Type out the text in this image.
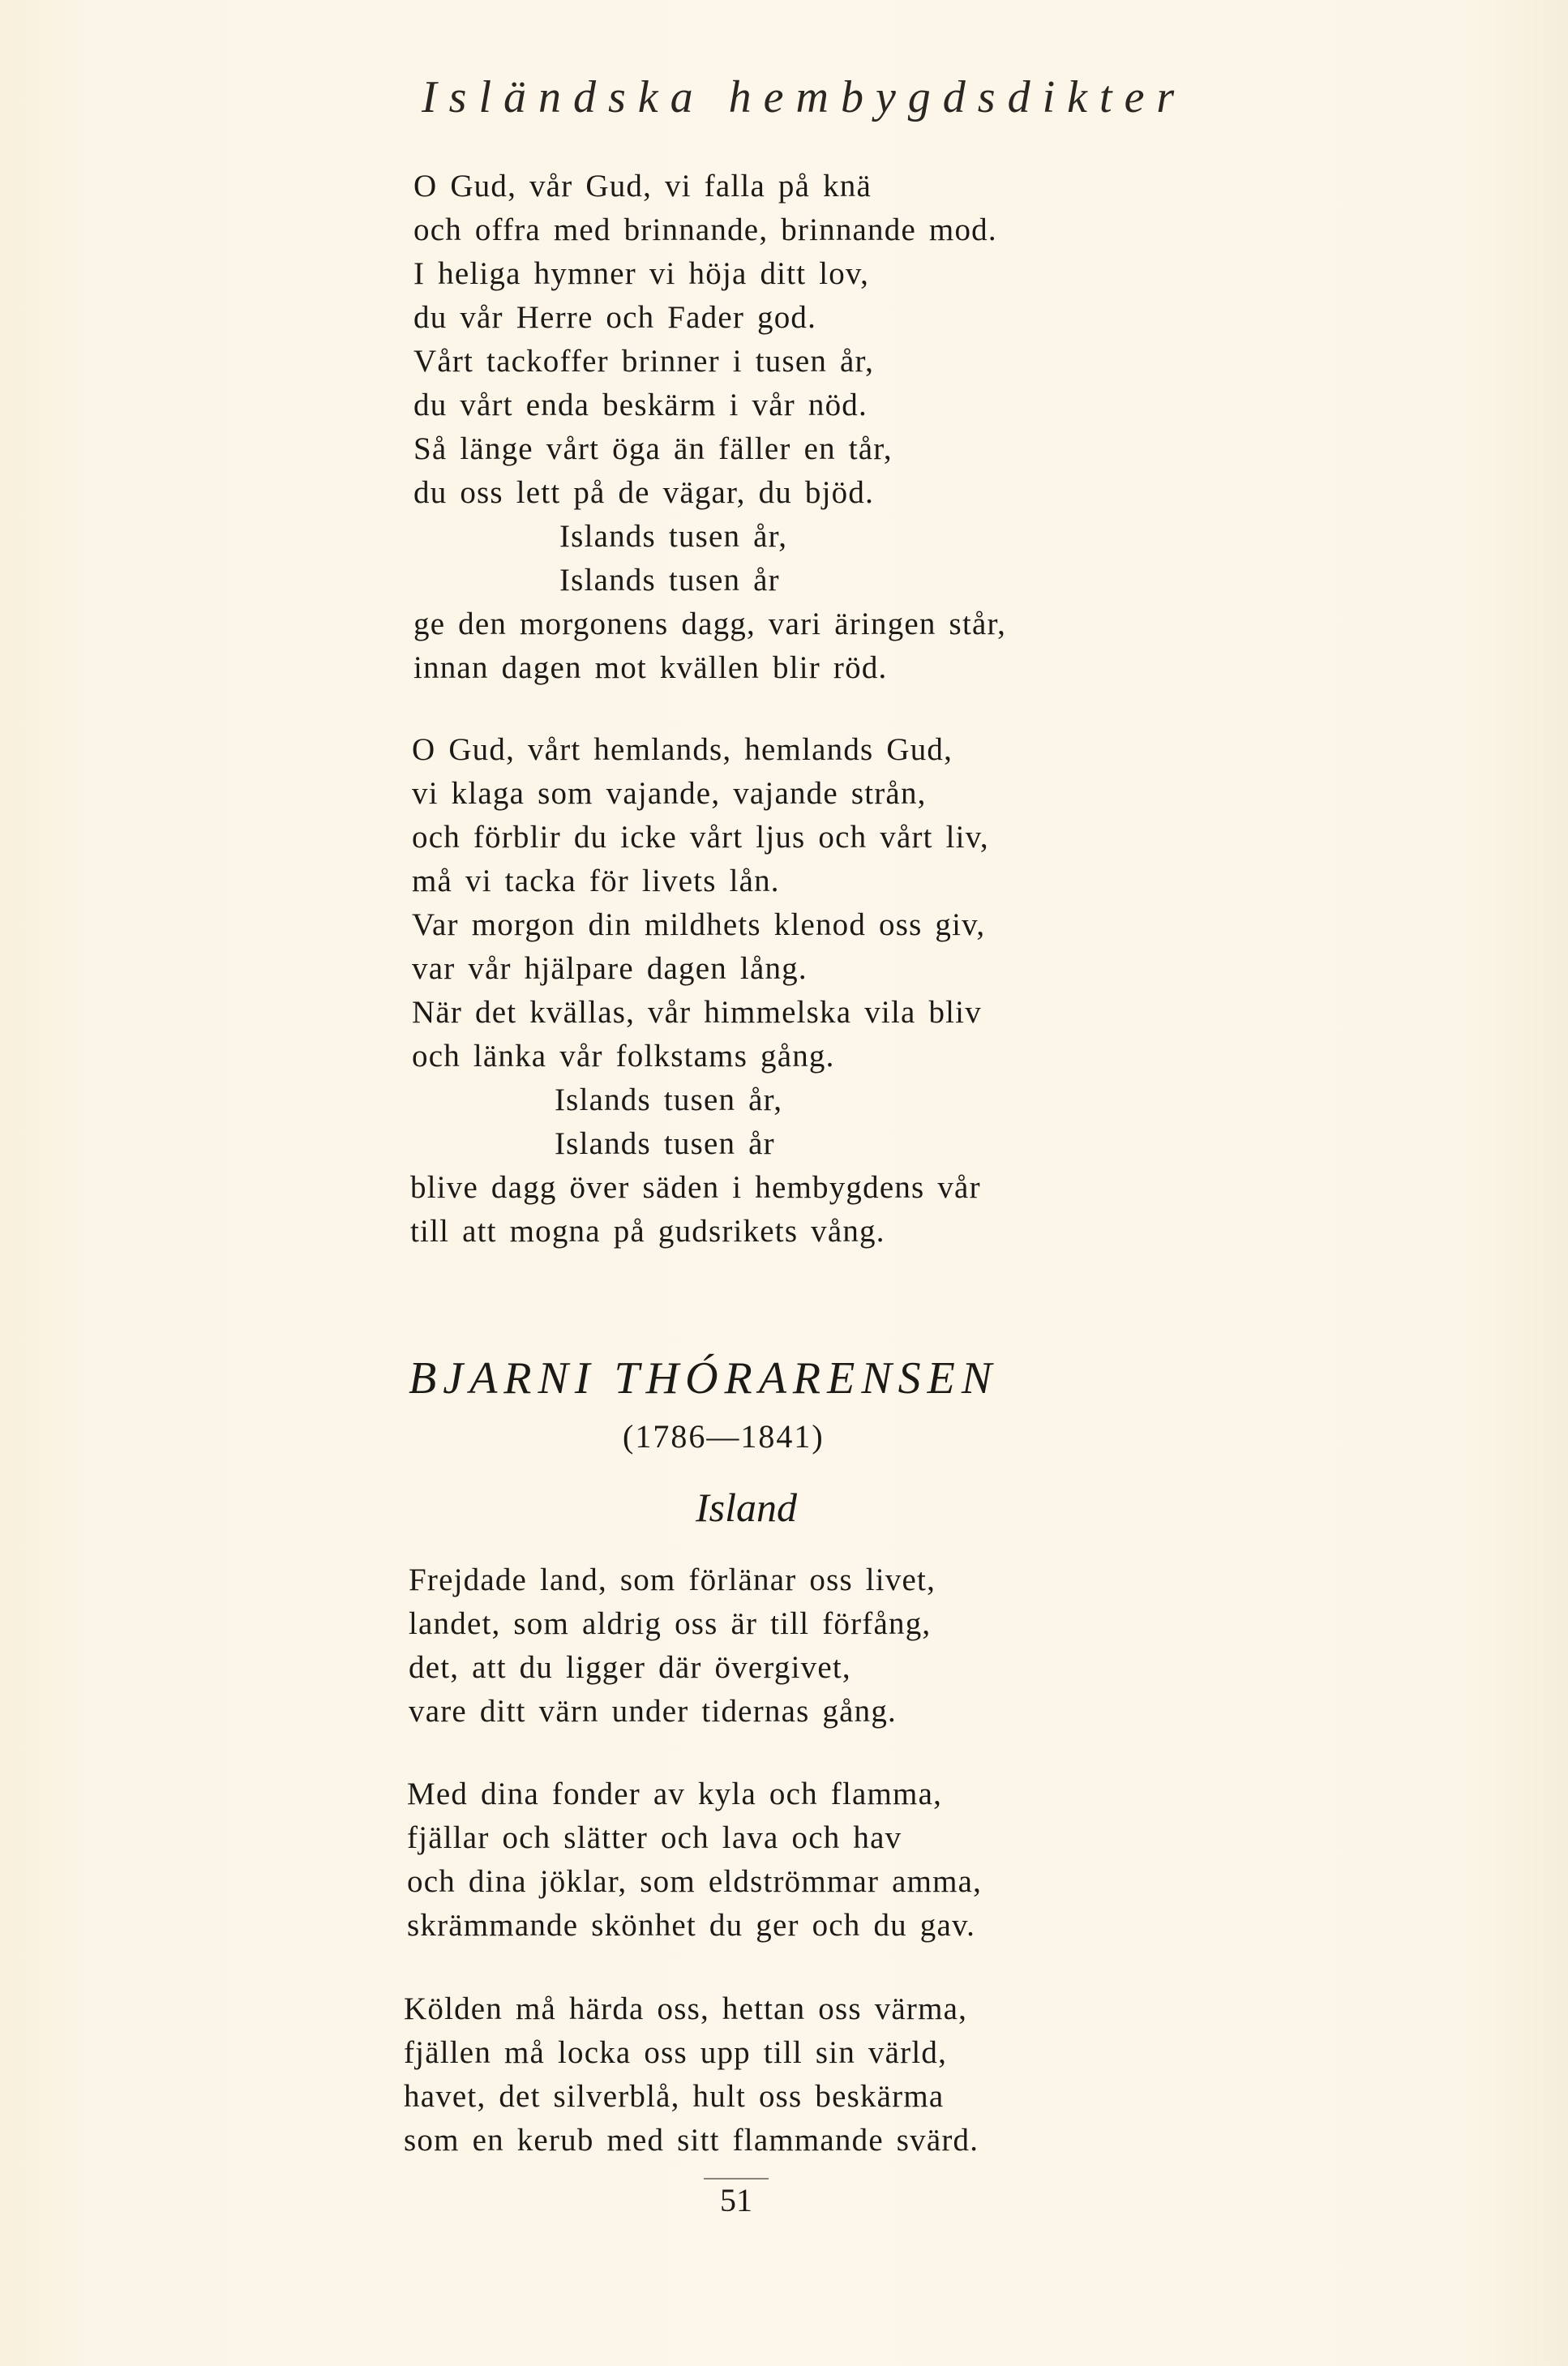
Isländska hembygdsdikter
O Gud, vår Gud, vi falla på knä
och offra med brinnande, brinnande mod.
I heliga hymner vi höja ditt lov,
du vår Herre och Fader god.
Vårt tackoffer brinner i tusen år,
du vårt enda beskärm i vår nöd.
Så länge vårt öga än fäller en tår,
du oss lett på de vägar, du bjöd.
Islands tusen år,
Islands tusen år
ge den morgonens dagg, vari äringen står,
innan dagen mot kvällen blir röd.
O Gud, vårt hemlands, hemlands Gud,
vi klaga som vajande, vajande strån,
och förblir du icke vårt ljus och vårt liv,
må vi tacka för livets lån.
Var morgon din mildhets klenod oss giv,
var vår hjälpare dagen lång.
När det kvällas, vår himmelska vila bliv
och länka vår folkstams gång.
Islands tusen år,
Islands tusen år
blive dagg över säden i hembygdens vår
till att mogna på gudsrikets vång.
BJARNI THÓRARENSEN
(1786—1841)
Island
Frejdade land, som förlänar oss livet,
landet, som aldrig oss är till förfång,
det, att du ligger där övergivet,
vare ditt värn under tidernas gång.
Med dina fonder av kyla och flamma,
fjällar och slätter och lava och hav
och dina jöklar, som eldströmmar amma,
skrämmande skönhet du ger och du gav.
Kölden må härda oss, hettan oss värma,
fjällen må locka oss upp till sin värld,
havet, det silverblå, hult oss beskärma
som en kerub med sitt flammande svärd.
51
